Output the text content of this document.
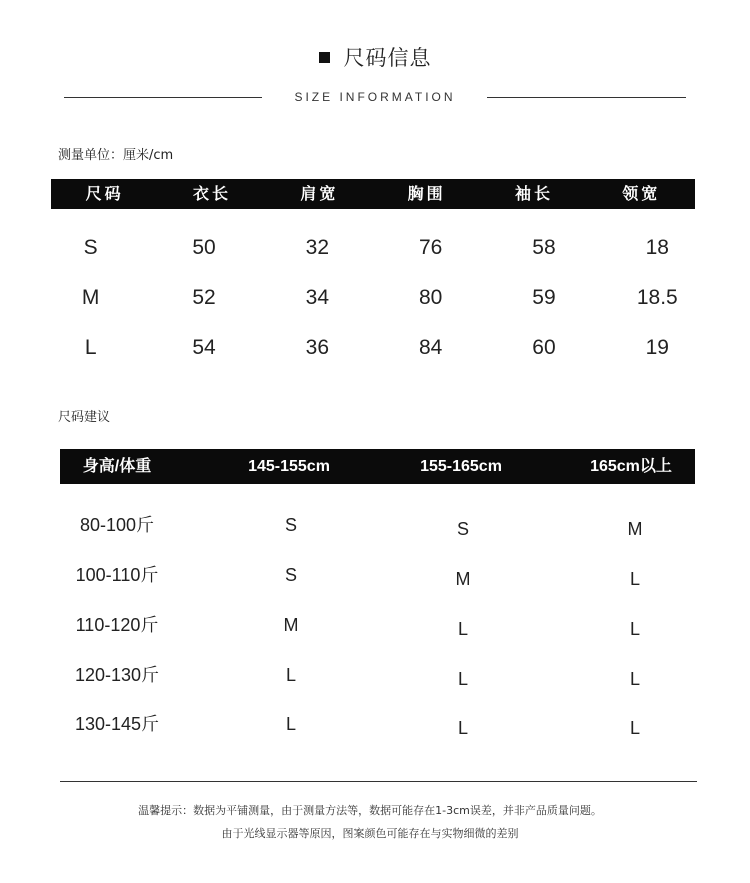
尺码信息
SIZE INFORMATION
测量单位：厘米/cm
尺码	衣长	肩宽	胸围	袖长	领宽
S	50	32	76	58	18
M	52	34	80	59	18.5
L	54	36	84	60	19
尺码建议
身高/体重	145-155cm	155-165cm	165cm以上
80-100斤	S	S	M
100-110斤	S	M	L
110-120斤	M	L	L
120-130斤	L	L	L
130-145斤	L	L	L
温馨提示：数据为平铺测量，由于测量方法等，数据可能存在1-3cm误差，并非产品质量问题。
由于光线显示器等原因，图案颜色可能存在与实物细微的差别
